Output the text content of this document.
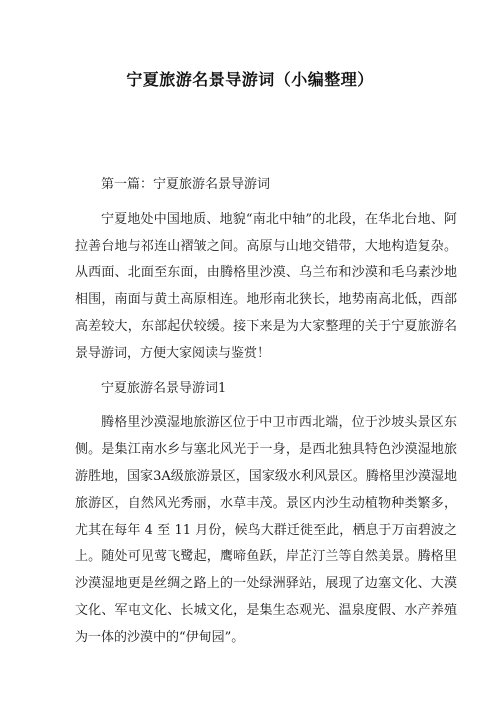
宁夏旅游名景导游词（小编整理）

第一篇：宁夏旅游名景导游词

宁夏地处中国地质、地貌“南北中轴”的北段，在华北台地、阿拉善台地与祁连山褶皱之间。高原与山地交错带，大地构造复杂。从西面、北面至东面，由腾格里沙漠、乌兰布和沙漠和毛乌素沙地相围，南面与黄土高原相连。地形南北狭长，地势南高北低，西部高差较大，东部起伏较缓。接下来是为大家整理的关于宁夏旅游名景导游词，方便大家阅读与鉴赏！

宁夏旅游名景导游词1

腾格里沙漠湿地旅游区位于中卫市西北端，位于沙坡头景区东侧。是集江南水乡与塞北风光于一身，是西北独具特色沙漠湿地旅游胜地，国家3A级旅游景区，国家级水利风景区。腾格里沙漠湿地旅游区，自然风光秀丽，水草丰茂。景区内沙生动植物种类繁多，尤其在每年 4 至 11 月份，候鸟大群迁徙至此，栖息于万亩碧波之上。随处可见莺飞鹭起，鹰啼鱼跃，岸芷汀兰等自然美景。腾格里沙漠湿地更是丝绸之路上的一处绿洲驿站，展现了边塞文化、大漠文化、军屯文化、长城文化，是集生态观光、温泉度假、水产养殖为一体的沙漠中的“伊甸园”。
